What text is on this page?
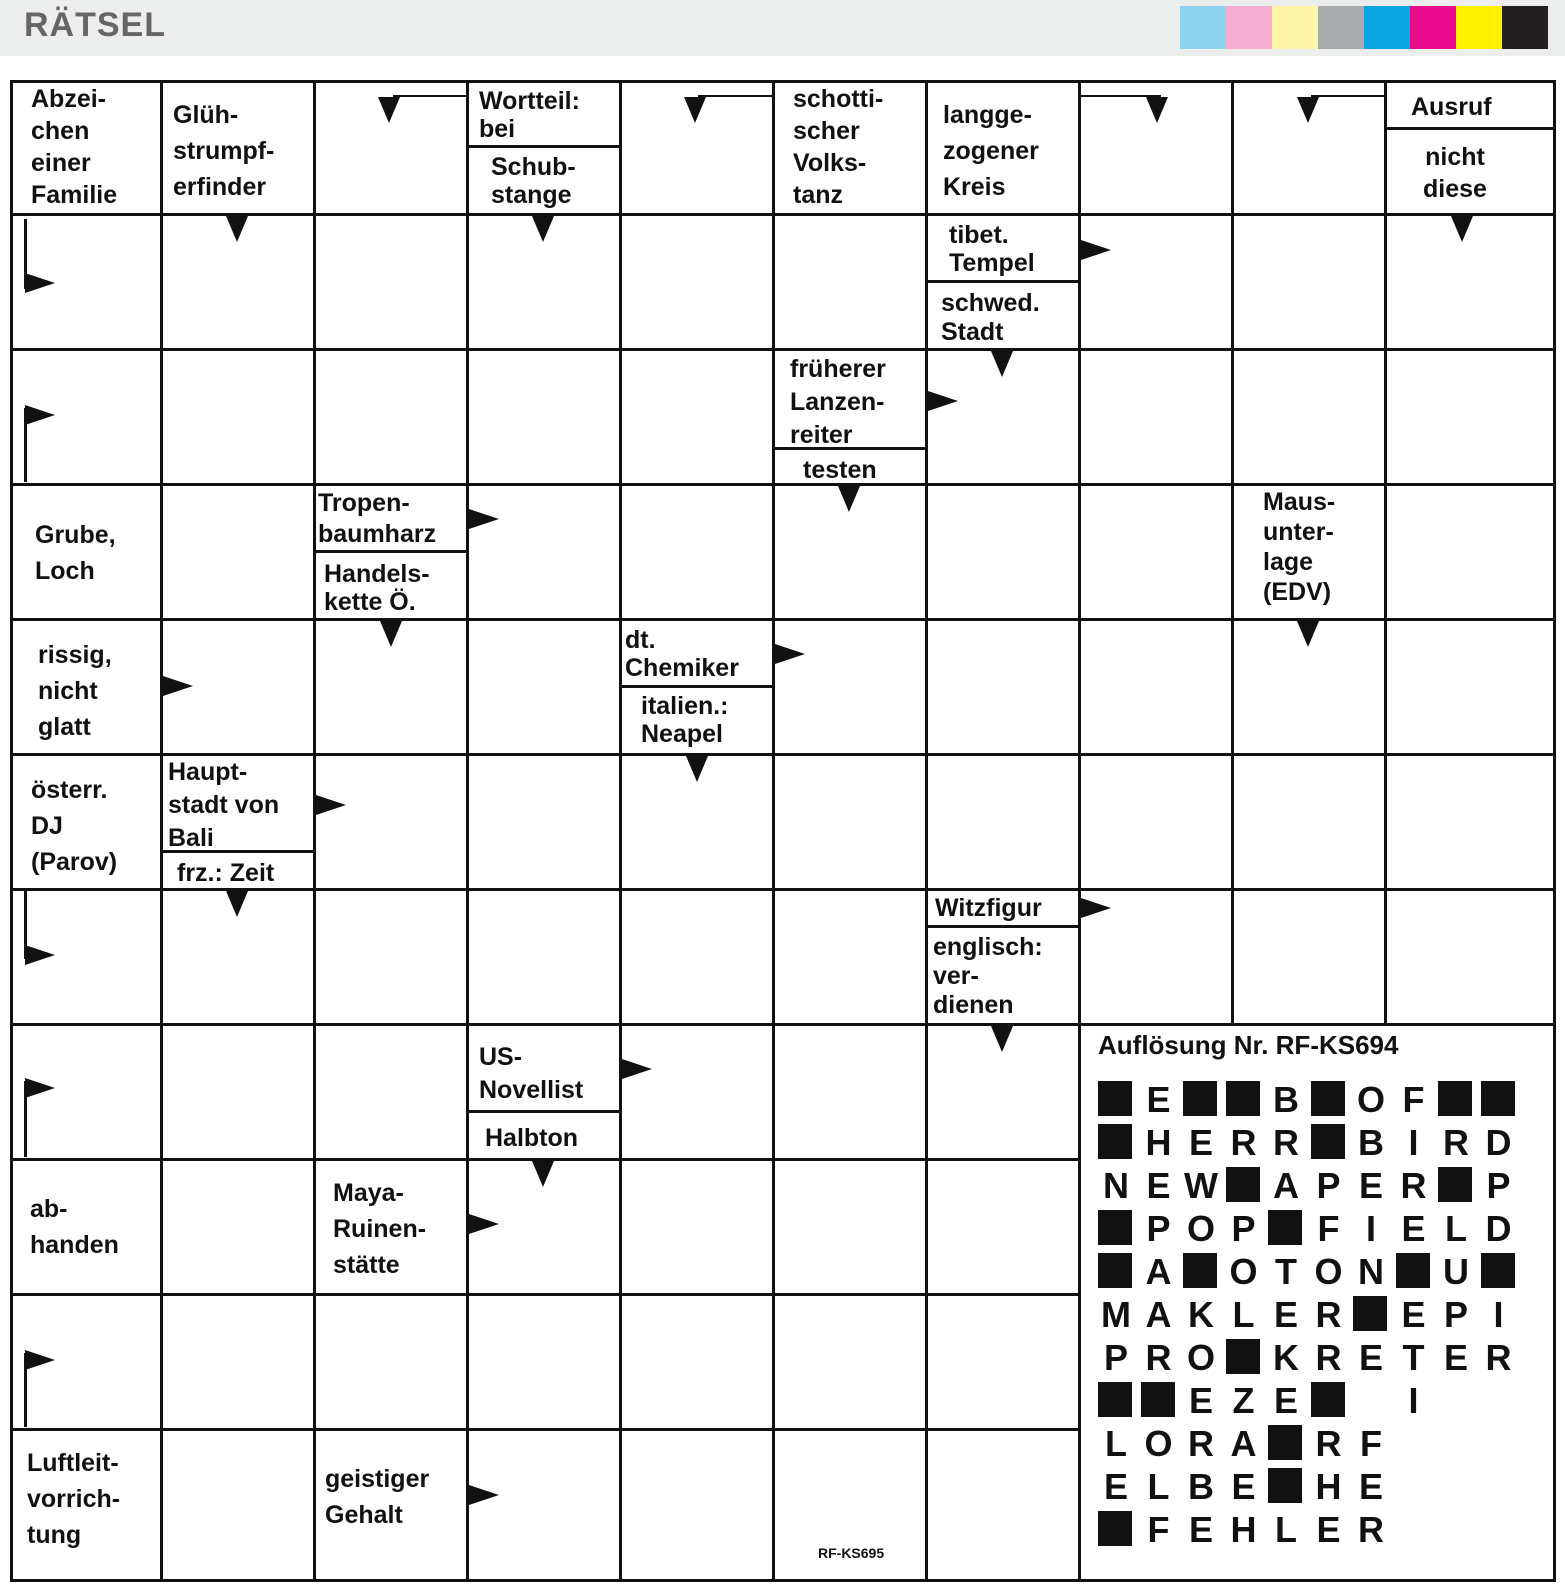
RÄTSEL
Abzei-
chen
einer
Familie
Glüh-
strumpf-
erfinder
Wortteil:
bei
Schub-
stange
schotti-
scher
Volks-
tanz
langge-
zogener
Kreis
Ausruf
nicht
diese
tibet.
Tempel
schwed.
Stadt
früherer
Lanzen-
reiter
testen
Grube,
Loch
Tropen-
baumharz
Handels-
kette Ö.
Maus-
unter-
lage
(EDV)
rissig,
nicht
glatt
dt.
Chemiker
italien.:
Neapel
österr.
DJ
(Parov)
Haupt-
stadt von
Bali
frz.: Zeit
Witzfigur
englisch:
ver-
dienen
US-
Novellist
Halbton
ab-
handen
Maya-
Ruinen-
stätte
Luftleit-
vorrich-
tung
geistiger
Gehalt
Auflösung Nr. RF-KS694
E	B O F
H E R R B I R D
N E W A P E R P
P O P F I E L D
A O T O N U
M A K L E R E P I
P R O K R E T E R
E Z E	I
L O R A R F
E L B E H E
F E H L E R
RF-KS695
